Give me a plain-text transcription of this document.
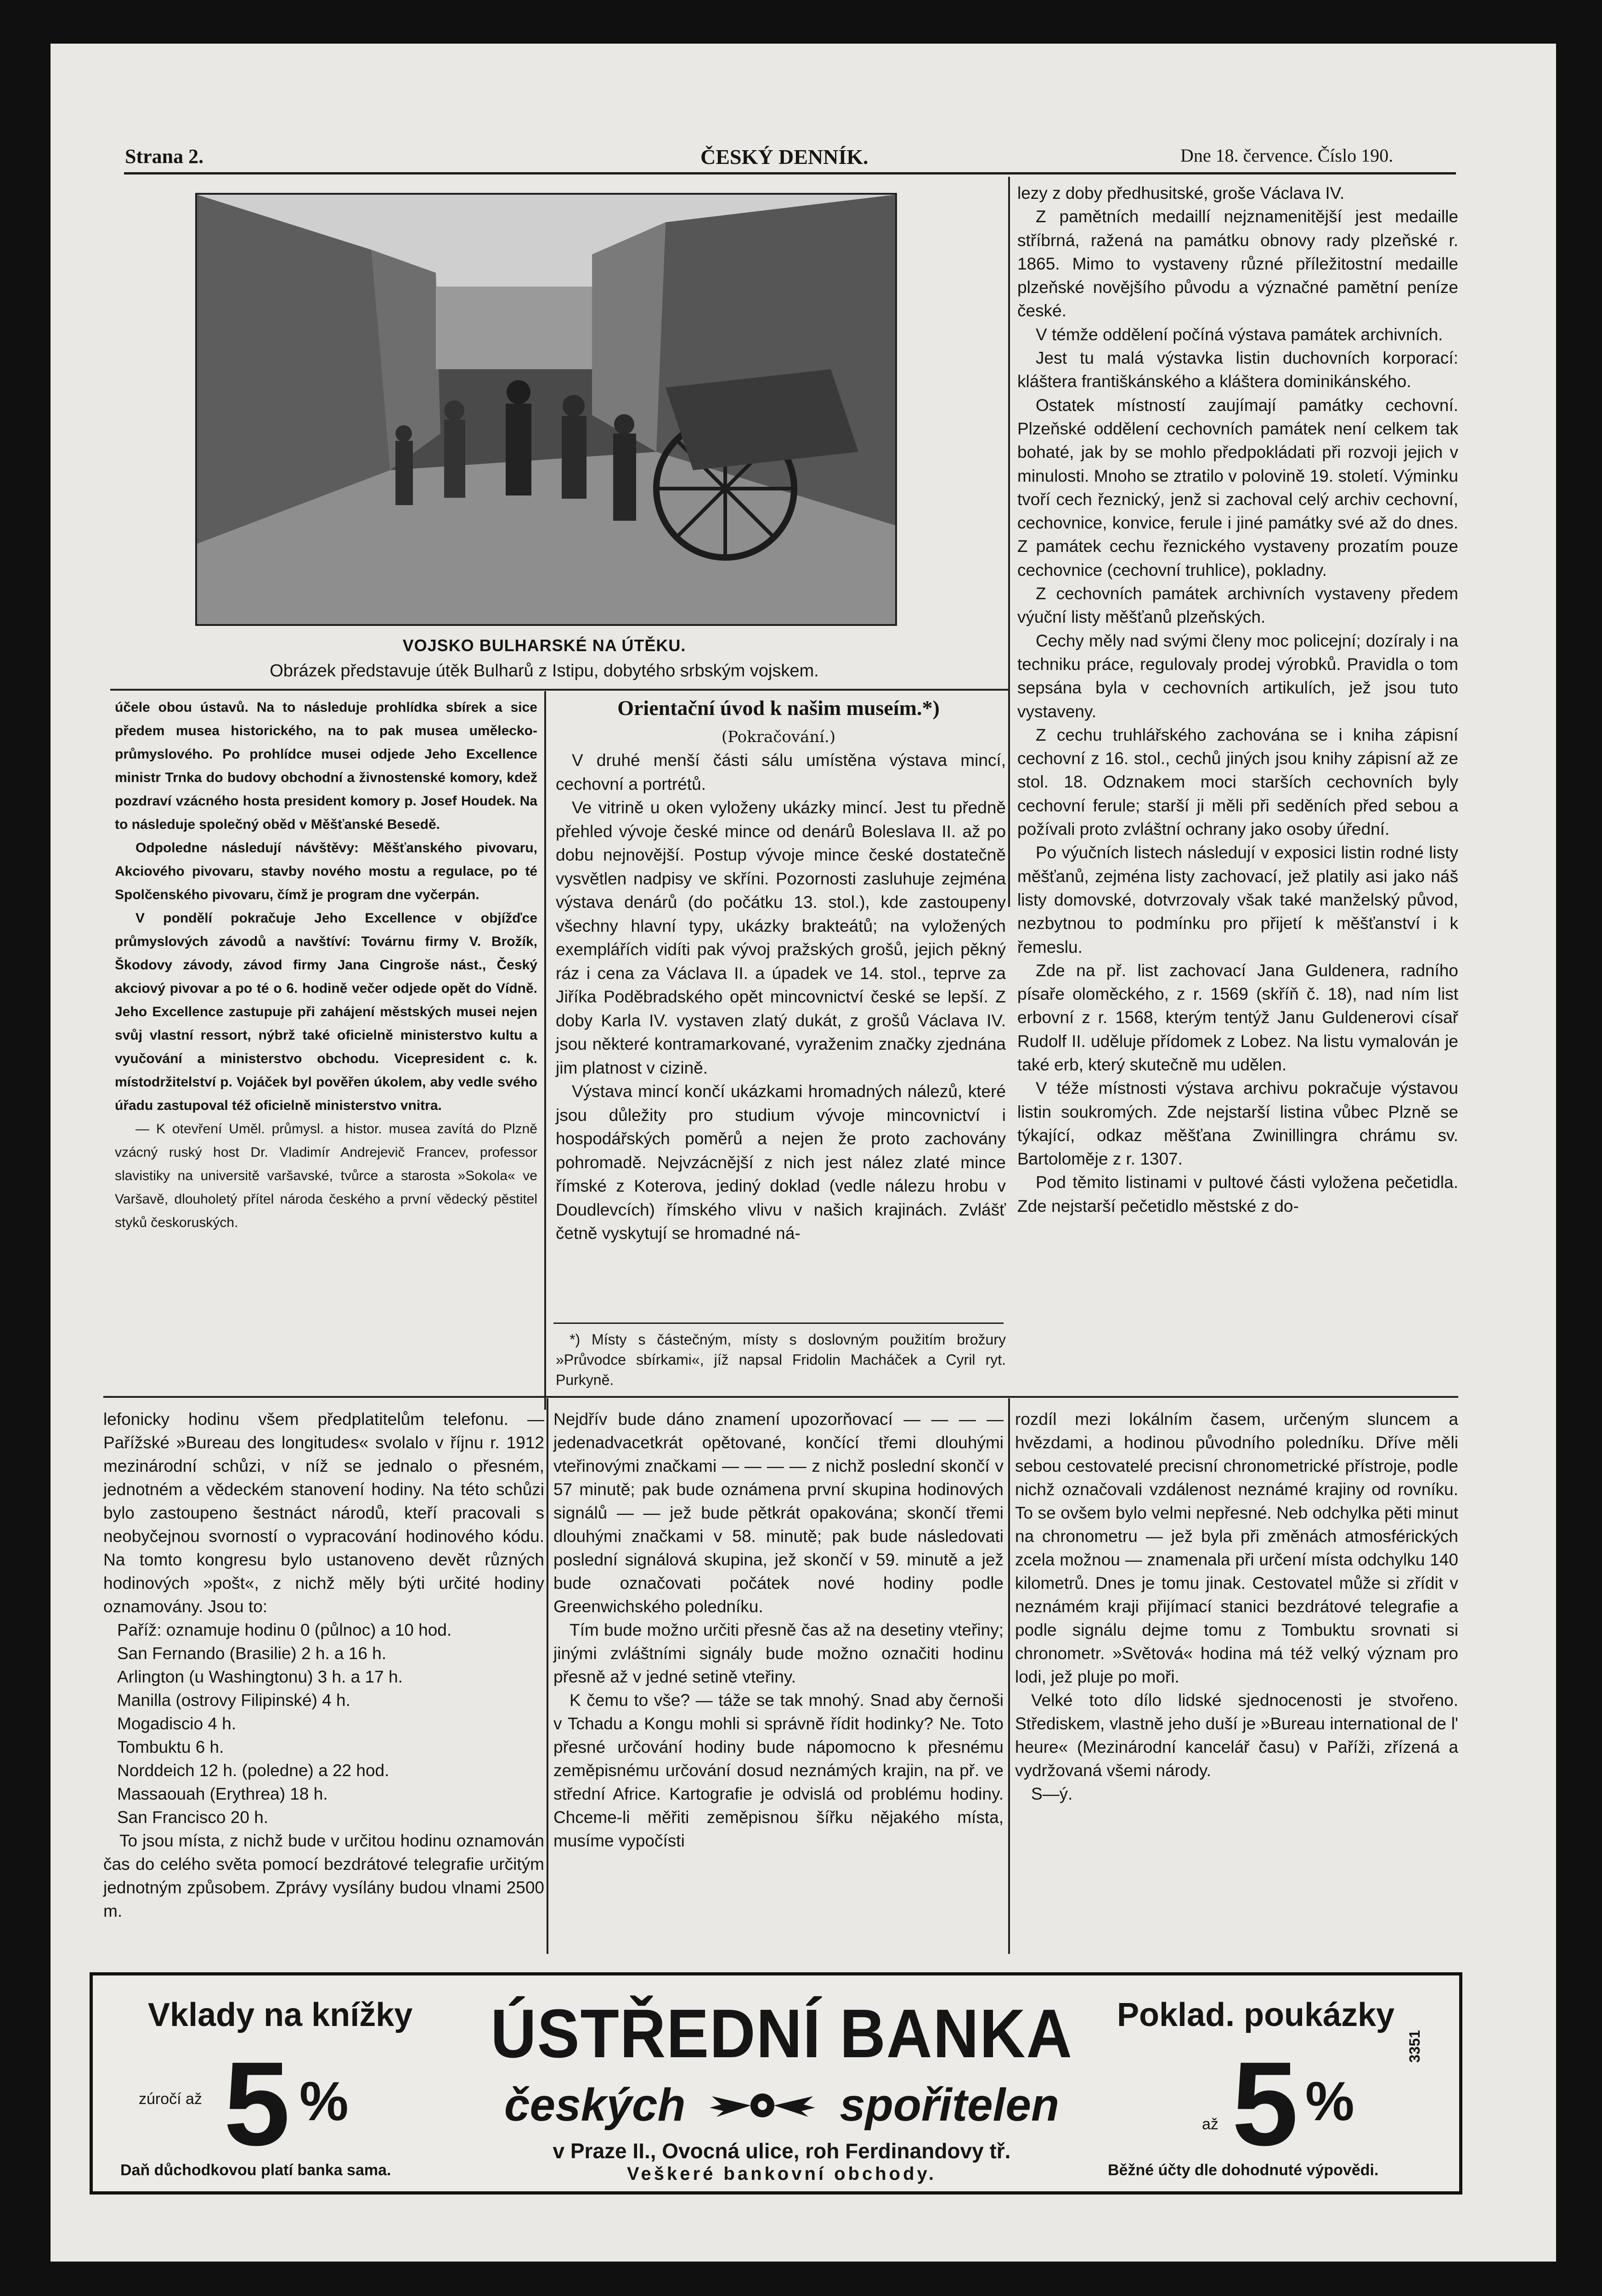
Strana 2.	ČESKÝ DENNÍK.	Dne 18. července. Číslo 190.
VOJSKO BULHARSKÉ NA ÚTĚKU.
Obrázek představuje útěk Bulharů z Istipu, dobytého srbským vojskem.

účele obou ústavů. Na to následuje prohlídka sbírek a sice předem musea historického, na to pak musea umělecko-průmyslového. Po prohlídce musei odjede Jeho Excellence ministr Trnka do budovy obchodní a živnostenské komory, kdež pozdraví vzácného hosta president komory p. Josef Houdek. Na to následuje společný oběd v Měšťanské Besedě.

Odpoledne následují návštěvy: Měšťanského pivovaru, Akciového pivovaru, stavby nového mostu a regulace, po té Spolčenského pivovaru, čímž je program dne vyčerpán.

V pondělí pokračuje Jeho Excellence v objížďce průmyslových závodů a navštíví: Továrnu firmy V. Brožík, Škodovy závody, závod firmy Jana Cingroše nást., Český akciový pivovar a po té o 6. hodině večer odjede opět do Vídně. Jeho Excellence zastupuje při zahájení městských musei nejen svůj vlastní ressort, nýbrž také oficielně ministerstvo kultu a vyučování a ministerstvo obchodu. Vicepresident c. k. místodržitelství p. Vojáček byl pověřen úkolem, aby vedle svého úřadu zastupoval též oficielně ministerstvo vnitra.

— K otevření Uměl. průmysl. a histor. musea zavítá do Plzně vzácný ruský host Dr. Vladimír Andrejevič Francev, professor slavistiky na universitě varšavské, tvůrce a starosta »Sokola« ve Varšavě, dlouholetý přítel národa českého a první vědecký pěstitel styků českoruských.

Orientační úvod k našim museím.*)
(Pokračování.)

V druhé menší části sálu umístěna výstava mincí, cechovní a portrétů.

Ve vitrině u oken vyloženy ukázky mincí. Jest tu předně přehled vývoje české mince od denárů Boleslava II. až po dobu nejnovější. Postup vývoje mince české dostatečně vysvětlen nadpisy ve skříni. Pozornosti zasluhuje zejména výstava denárů (do počátku 13. stol.), kde zastoupeny všechny hlavní typy, ukázky brakteátů; na vyložených exemplářích vidíti pak vývoj pražských grošů, jejich pěkný ráz i cena za Václava II. a úpadek ve 14. stol., teprve za Jiříka Poděbradského opět mincovnictví české se lepší. Z doby Karla IV. vystaven zlatý dukát, z grošů Václava IV. jsou některé kontramarkované, vyraženim značky zjednána jim platnost v cizině.

Výstava mincí končí ukázkami hromadných nálezů, které jsou důležity pro studium vývoje mincovnictví i hospodářských poměrů a nejen že proto zachovány pohromadě. Nejvzácnější z nich jest nález zlaté mince římské z Koterova, jediný doklad (vedle nálezu hrobu v Doudlevcích) římského vlivu v našich krajinách. Zvlášť četně vyskytují se hromadné ná-

*) Místy s částečným, místy s doslovným použitím brožury »Průvodce sbírkami«, jíž napsal Fridolin Macháček a Cyril ryt. Purkyně.

lezy z doby předhusitské, groše Václava IV.

Z pamětních medaillí nejznamenitější jest medaille stříbrná, ražená na památku obnovy rady plzeňské r. 1865. Mimo to vystaveny různé příležitostní medaille plzeňské novějšího původu a význačné pamětní peníze české.

V témže oddělení počíná výstava památek archivních.

Jest tu malá výstavka listin duchovních korporací: kláštera františkánského a kláštera dominikánského.

Ostatek místností zaujímají památky cechovní. Plzeňské oddělení cechovních památek není celkem tak bohaté, jak by se mohlo předpokládati při rozvoji jejich v minulosti. Mnoho se ztratilo v polovině 19. století. Výminku tvoří cech řeznický, jenž si zachoval celý archiv cechovní, cechovnice, konvice, ferule i jiné památky své až do dnes. Z památek cechu řeznického vystaveny prozatím pouze cechovnice (cechovní truhlice), pokladny.

Z cechovních památek archivních vystaveny předem výuční listy měšťanů plzeňských.

Cechy měly nad svými členy moc policejní; dozíraly i na techniku práce, regulovaly prodej výrobků. Pravidla o tom sepsána byla v cechovních artikulích, jež jsou tuto vystaveny.

Z cechu truhlářského zachována se i kniha zápisní cechovní z 16. stol., cechů jiných jsou knihy zápisní až ze stol. 18. Odznakem moci starších cechovních byly cechovní ferule; starší ji měli při seděních před sebou a požívali proto zvláštní ochrany jako osoby úřední.

Po výučních listech následují v exposici listin rodné listy měšťanů, zejména listy zachovací, jež platily asi jako náš listy domovské, dotvrzovaly však také manželský původ, nezbytnou to podmínku pro přijetí k měšťanství i k řemeslu.

Zde na př. list zachovací Jana Guldenera, radního písaře oloměckého, z r. 1569 (skříň č. 18), nad ním list erbovní z r. 1568, kterým tentýž Janu Guldenerovi císař Rudolf II. uděluje přídomek z Lobez. Na listu vymalován je také erb, který skutečně mu udělen.

V téže místnosti výstava archivu pokračuje výstavou listin soukromých. Zde nejstarší listina vůbec Plzně se týkající, odkaz měšťana Zwinillingra chrámu sv. Bartoloměje z r. 1307.

Pod těmito listinami v pultové části vyložena pečetidla. Zde nejstarší pečetidlo městské z do-

lefonicky hodinu všem předplatitelům telefonu. — Pařížské »Bureau des longitudes« svolalo v říjnu r. 1912 mezinárodní schůzi, v níž se jednalo o přesném, jednotném a vědeckém stanovení hodiny. Na této schůzi bylo zastoupeno šestnáct národů, kteří pracovali s neobyčejnou svorností o vypracování hodinového kódu. Na tomto kongresu bylo ustanoveno devět různých hodinových »pošt«, z nichž měly býti určité hodiny oznamovány. Jsou to:

Paříž: oznamuje hodinu 0 (půlnoc) a 10 hod.

San Fernando (Brasilie) 2 h. a 16 h.

Arlington (u Washingtonu) 3 h. a 17 h.

Manilla (ostrovy Filipinské) 4 h.

Mogadiscio 4 h.

Tombuktu 6 h.

Norddeich 12 h. (poledne) a 22 hod.

Massaouah (Erythrea) 18 h.

San Francisco 20 h.

To jsou místa, z nichž bude v určitou hodinu oznamován čas do celého světa pomocí bezdrátové telegrafie určitým jednotným způsobem. Zprávy vysílány budou vlnami 2500 m.

Nejdřív bude dáno znamení upozorňovací — — — — jedenadvacetkrát opětované, končící třemi dlouhými vteřinovými značkami — — — — z nichž poslední skončí v 57 minutě; pak bude oznámena první skupina hodinových signálů — — jež bude pětkrát opakována; skončí třemi dlouhými značkami v 58. minutě; pak bude následovati poslední signálová skupina, jež skončí v 59. minutě a jež bude označovati počátek nové hodiny podle Greenwichského poledníku.

Tím bude možno určiti přesně čas až na desetiny vteřiny; jinými zvláštními signály bude možno označiti hodinu přesně až v jedné setině vteřiny.

K čemu to vše? — táže se tak mnohý. Snad aby černoši v Tchadu a Kongu mohli si správně řídit hodinky? Ne. Toto přesné určování hodiny bude nápomocno k přesnému zeměpisnému určování dosud neznámých krajin, na př. ve střední Africe. Kartografie je odvislá od problému hodiny. Chceme-li měřiti zeměpisnou šířku nějakého místa, musíme vypočísti

rozdíl mezi lokálním časem, určeným sluncem a hvězdami, a hodinou původního poledníku. Dříve měli sebou cestovatelé precisní chronometrické přístroje, podle nichž označovali vzdálenost neznámé krajiny od rovníku. To se ovšem bylo velmi nepřesné. Neb odchylka pěti minut na chronometru — jež byla při změnách atmosférických zcela možnou — znamenala při určení místa odchylku 140 kilometrů. Dnes je tomu jinak. Cestovatel může si zřídit v neznámém kraji přijímací stanici bezdrátové telegrafie a podle signálu dejme tomu z Tombuktu srovnati si chronometr. »Světová« hodina má též velký význam pro lodi, jež pluje po moři.

Velké toto dílo lidské sjednocenosti je stvořeno. Střediskem, vlastně jeho duší je »Bureau international de l' heure« (Mezinárodní kancelář času) v Paříži, zřízená a vydržovaná všemi národy.

S—ý.

Vklady na knížky
zúročí až 5 %
Daň důchodkovou platí banka sama.
ÚSTŘEDNÍ BANKA
českých	spořitelen
v Praze II., Ovocná ulice, roh Ferdinandovy tř.
Veškeré bankovní obchody.
Poklad. poukázky
až 5 %
Běžné účty dle dohodnuté výpovědi.
3351
